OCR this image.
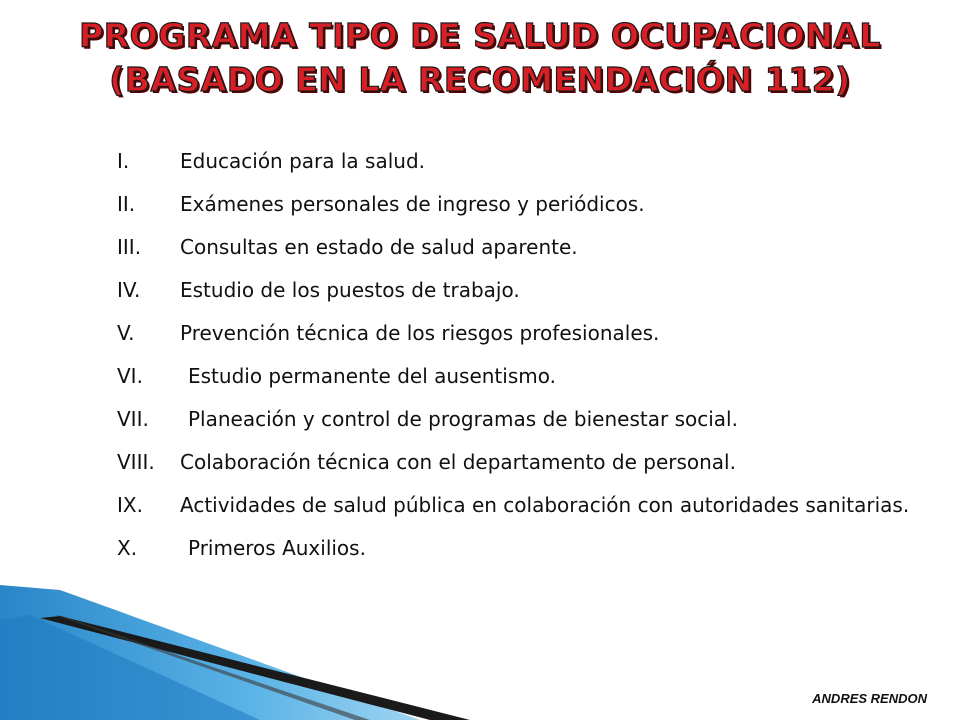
PROGRAMA TIPO DE SALUD OCUPACIONAL
(BASADO EN LA RECOMENDACIÓN 112)
I.	Educación para la salud.
II. Exámenes personales de ingreso y periódicos.
III. Consultas en estado de salud aparente.
IV. Estudio de los puestos de trabajo.
V. Prevención técnica de los riesgos profesionales.
VI. Estudio permanente del ausentismo.
VII. Planeación y control de programas de bienestar social.
VIII. Colaboración técnica con el departamento de personal.
IX. Actividades de salud pública en colaboración con autoridades sanitarias.
X.	Primeros Auxilios.
ANDRES RENDON
